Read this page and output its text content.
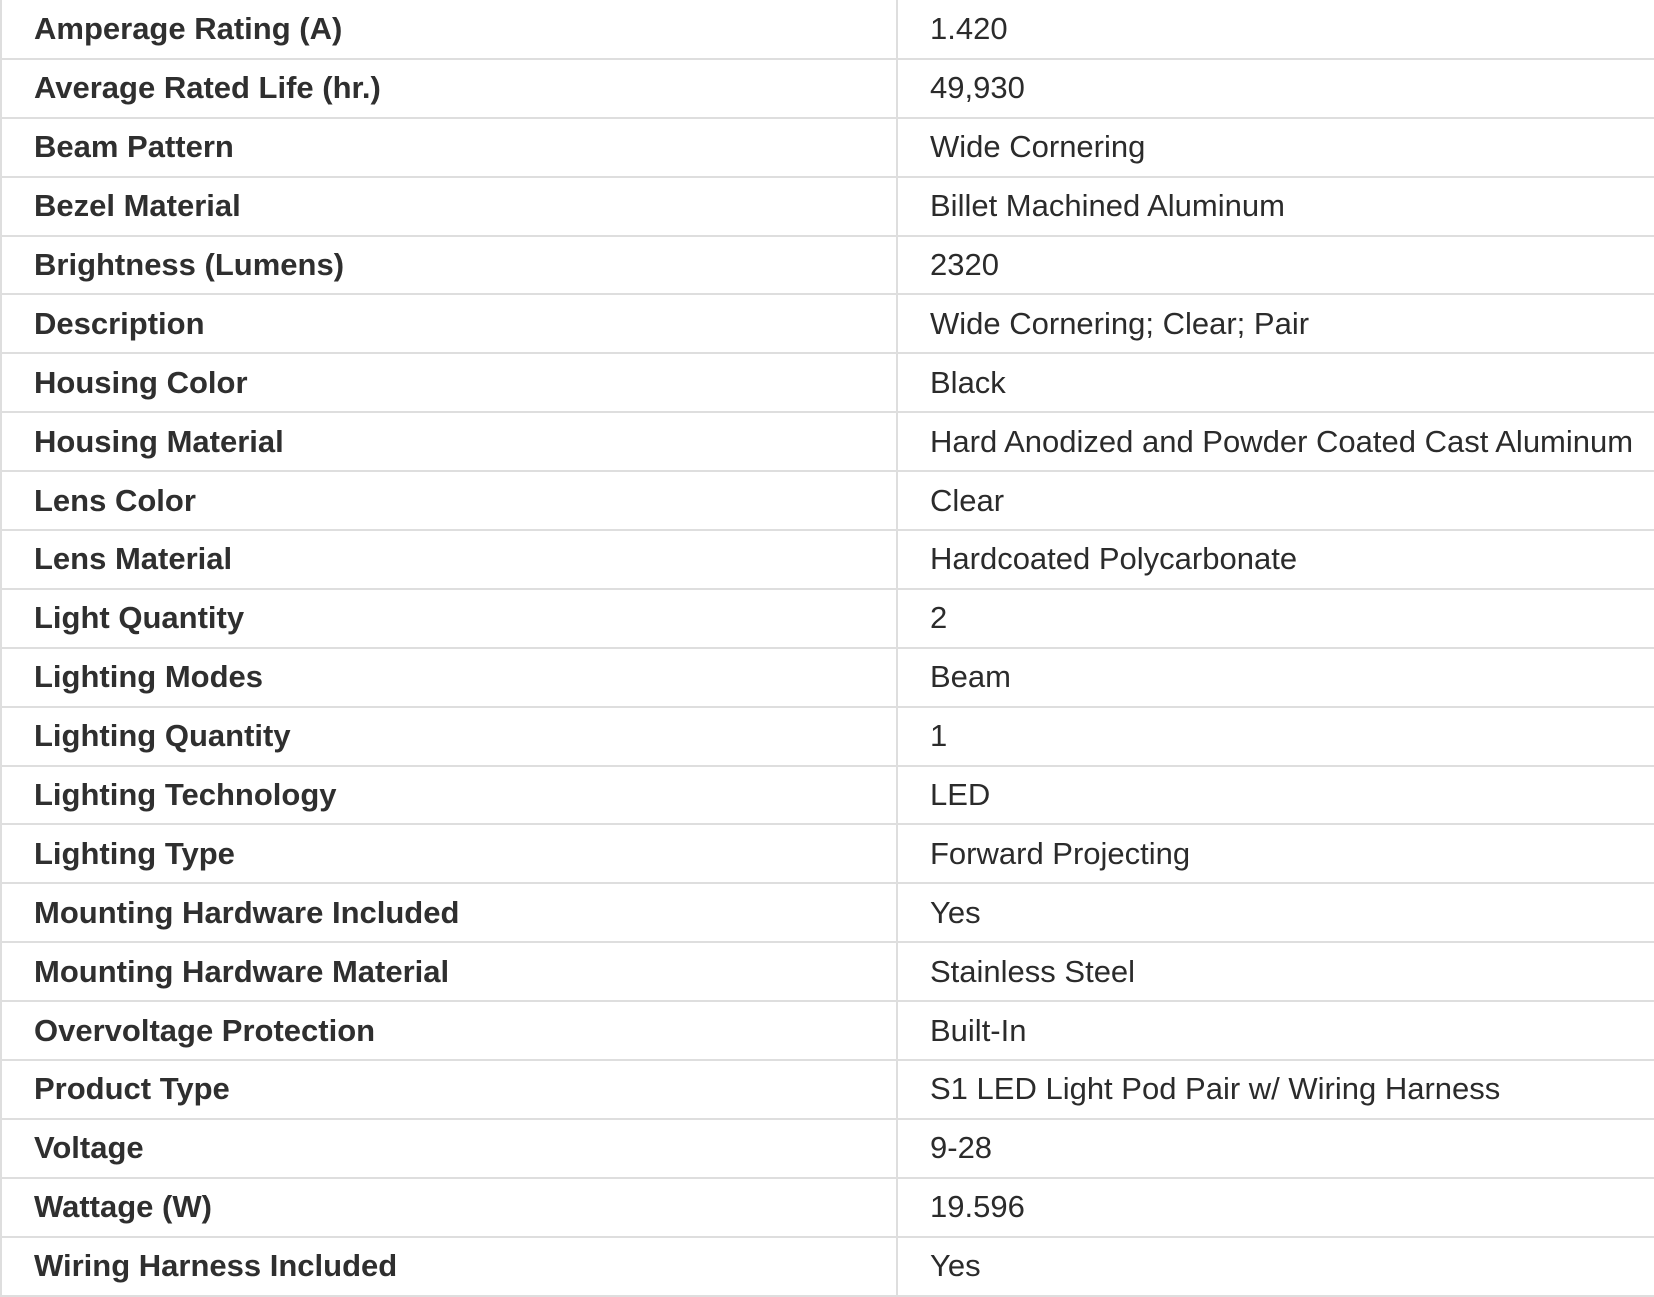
Amperage Rating (A)	1.420
Average Rated Life (hr.)	49,930
Beam Pattern	Wide Cornering
Bezel Material	Billet Machined Aluminum
Brightness (Lumens)	2320
Description	Wide Cornering; Clear; Pair
Housing Color	Black
Housing Material	Hard Anodized and Powder Coated Cast Aluminum
Lens Color	Clear
Lens Material	Hardcoated Polycarbonate
Light Quantity	2
Lighting Modes	Beam
Lighting Quantity	1
Lighting Technology	LED
Lighting Type	Forward Projecting
Mounting Hardware Included	Yes
Mounting Hardware Material	Stainless Steel
Overvoltage Protection	Built-In
Product Type	S1 LED Light Pod Pair w/ Wiring Harness
Voltage	9-28
Wattage (W)	19.596
Wiring Harness Included	Yes
